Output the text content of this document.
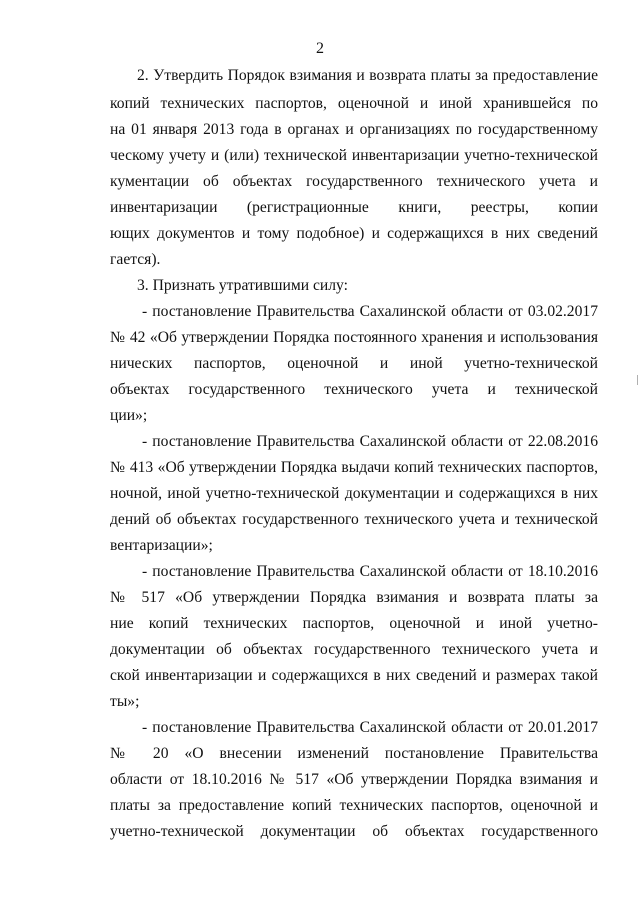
2
2. Утвердить Порядок взимания и возврата платы за предоставление
копий технических паспортов, оценочной и иной хранившейся по
на 01 января 2013 года в органах и организациях по государственному
ческому учету и (или) технической инвентаризации учетно-технической
кументации об объектах государственного технического учета и
инвентаризации (регистрационные книги, реестры, копии
ющих документов и тому подобное) и содержащихся в них сведений
гается).
3. Признать утратившими силу:
- постановление Правительства Сахалинской области от 03.02.2017
№ 42 «Об утверждении Порядка постоянного хранения и использования
нических паспортов, оценочной и иной учетно-технической
объектах государственного технического учета и технической
ции»;
- постановление Правительства Сахалинской области от 22.08.2016
№ 413 «Об утверждении Порядка выдачи копий технических паспортов,
ночной, иной учетно-технической документации и содержащихся в них
дений об объектах государственного технического учета и технической
вентаризации»;
- постановление Правительства Сахалинской области от 18.10.2016
№ 517 «Об утверждении Порядка взимания и возврата платы за
ние копий технических паспортов, оценочной и иной учетно-
документации об объектах государственного технического учета и
ской инвентаризации и содержащихся в них сведений и размерах такой
ты»;
- постановление Правительства Сахалинской области от 20.01.2017
№ 20 «О внесении изменений постановление Правительства
области от 18.10.2016 № 517 «Об утверждении Порядка взимания и
платы за предоставление копий технических паспортов, оценочной и
учетно-технической документации об объектах государственного
